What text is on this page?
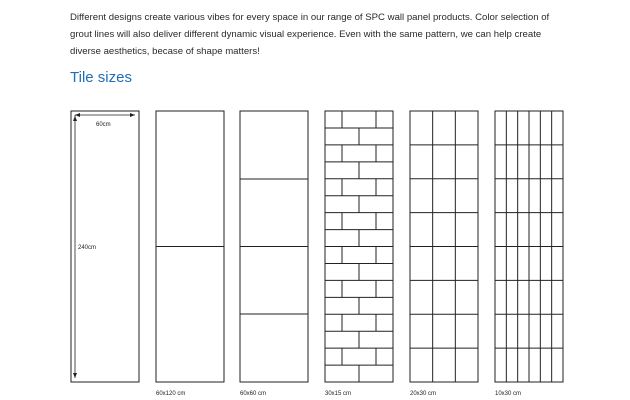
Different designs create various vibes for every space in our range of SPC wall panel products. Color selection of
grout lines will also deliver different dynamic visual experience. Even with the same pattern, we can help create
diverse aesthetics, becase of shape matters!
Tile sizes
60cm
240cm
60x120 cm	60x60 cm	30x15 cm	20x30 cm	10x30 cm
